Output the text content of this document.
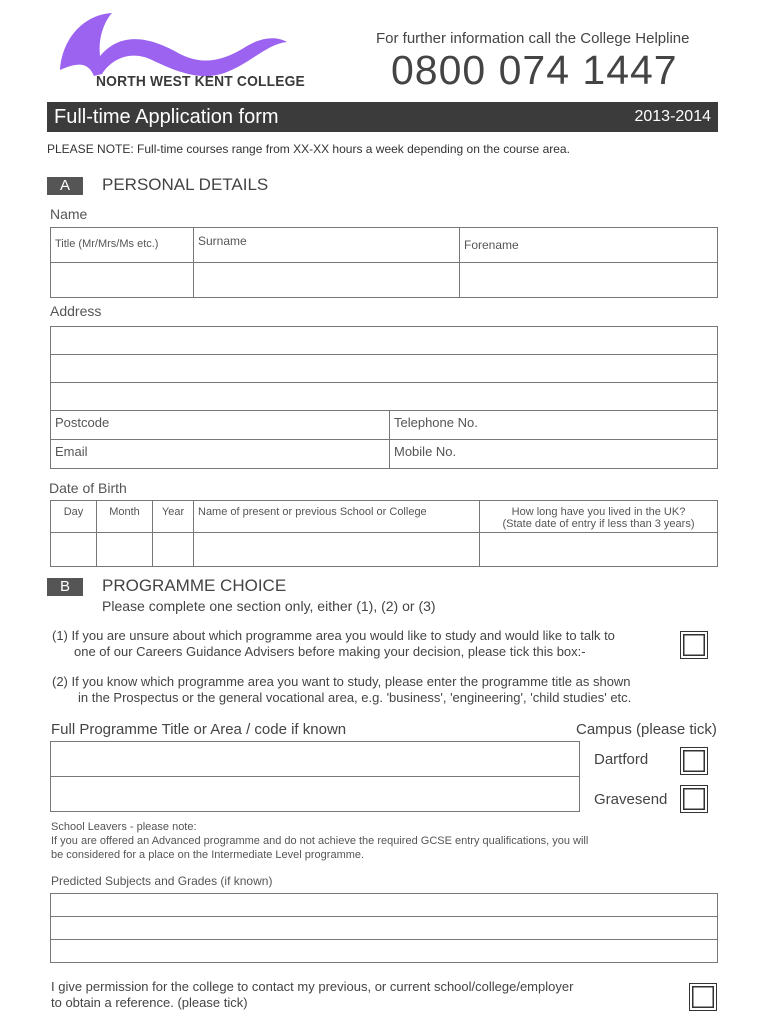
NORTH WEST KENT COLLEGE
For further information call the College Helpline
0800 074 1447
Full-time Application form	2013-2014
PLEASE NOTE: Full-time courses range from XX-XX hours a week depending on the course area.
A	PERSONAL DETAILS
Name
Title (Mr/Mrs/Ms etc.)	Surname	Forename

Address

Postcode	Telephone No.

Email	Mobile No.
Date of Birth
Day	Month	Year	Name of present or previous School or College	How long have you lived in the UK?
(State date of entry if less than 3 years)

B	PROGRAMME CHOICE
Please complete one section only, either (1), (2) or (3)
(1) If you are unsure about which programme area you would like to study and would like to talk to
one of our Careers Guidance Advisers before making your decision, please tick this box:-
(2) If you know which programme area you want to study, please enter the programme title as shown
in the Prospectus or the general vocational area, e.g. 'business', 'engineering', 'child studies' etc.
Full Programme Title or Area / code if known	Campus (please tick)

Dartford
Gravesend
School Leavers - please note:
If you are offered an Advanced programme and do not achieve the required GCSE entry qualifications, you will
be considered for a place on the Intermediate Level programme.
Predicted Subjects and Grades (if known)

I give permission for the college to contact my previous, or current school/college/employer
to obtain a reference. (please tick)
